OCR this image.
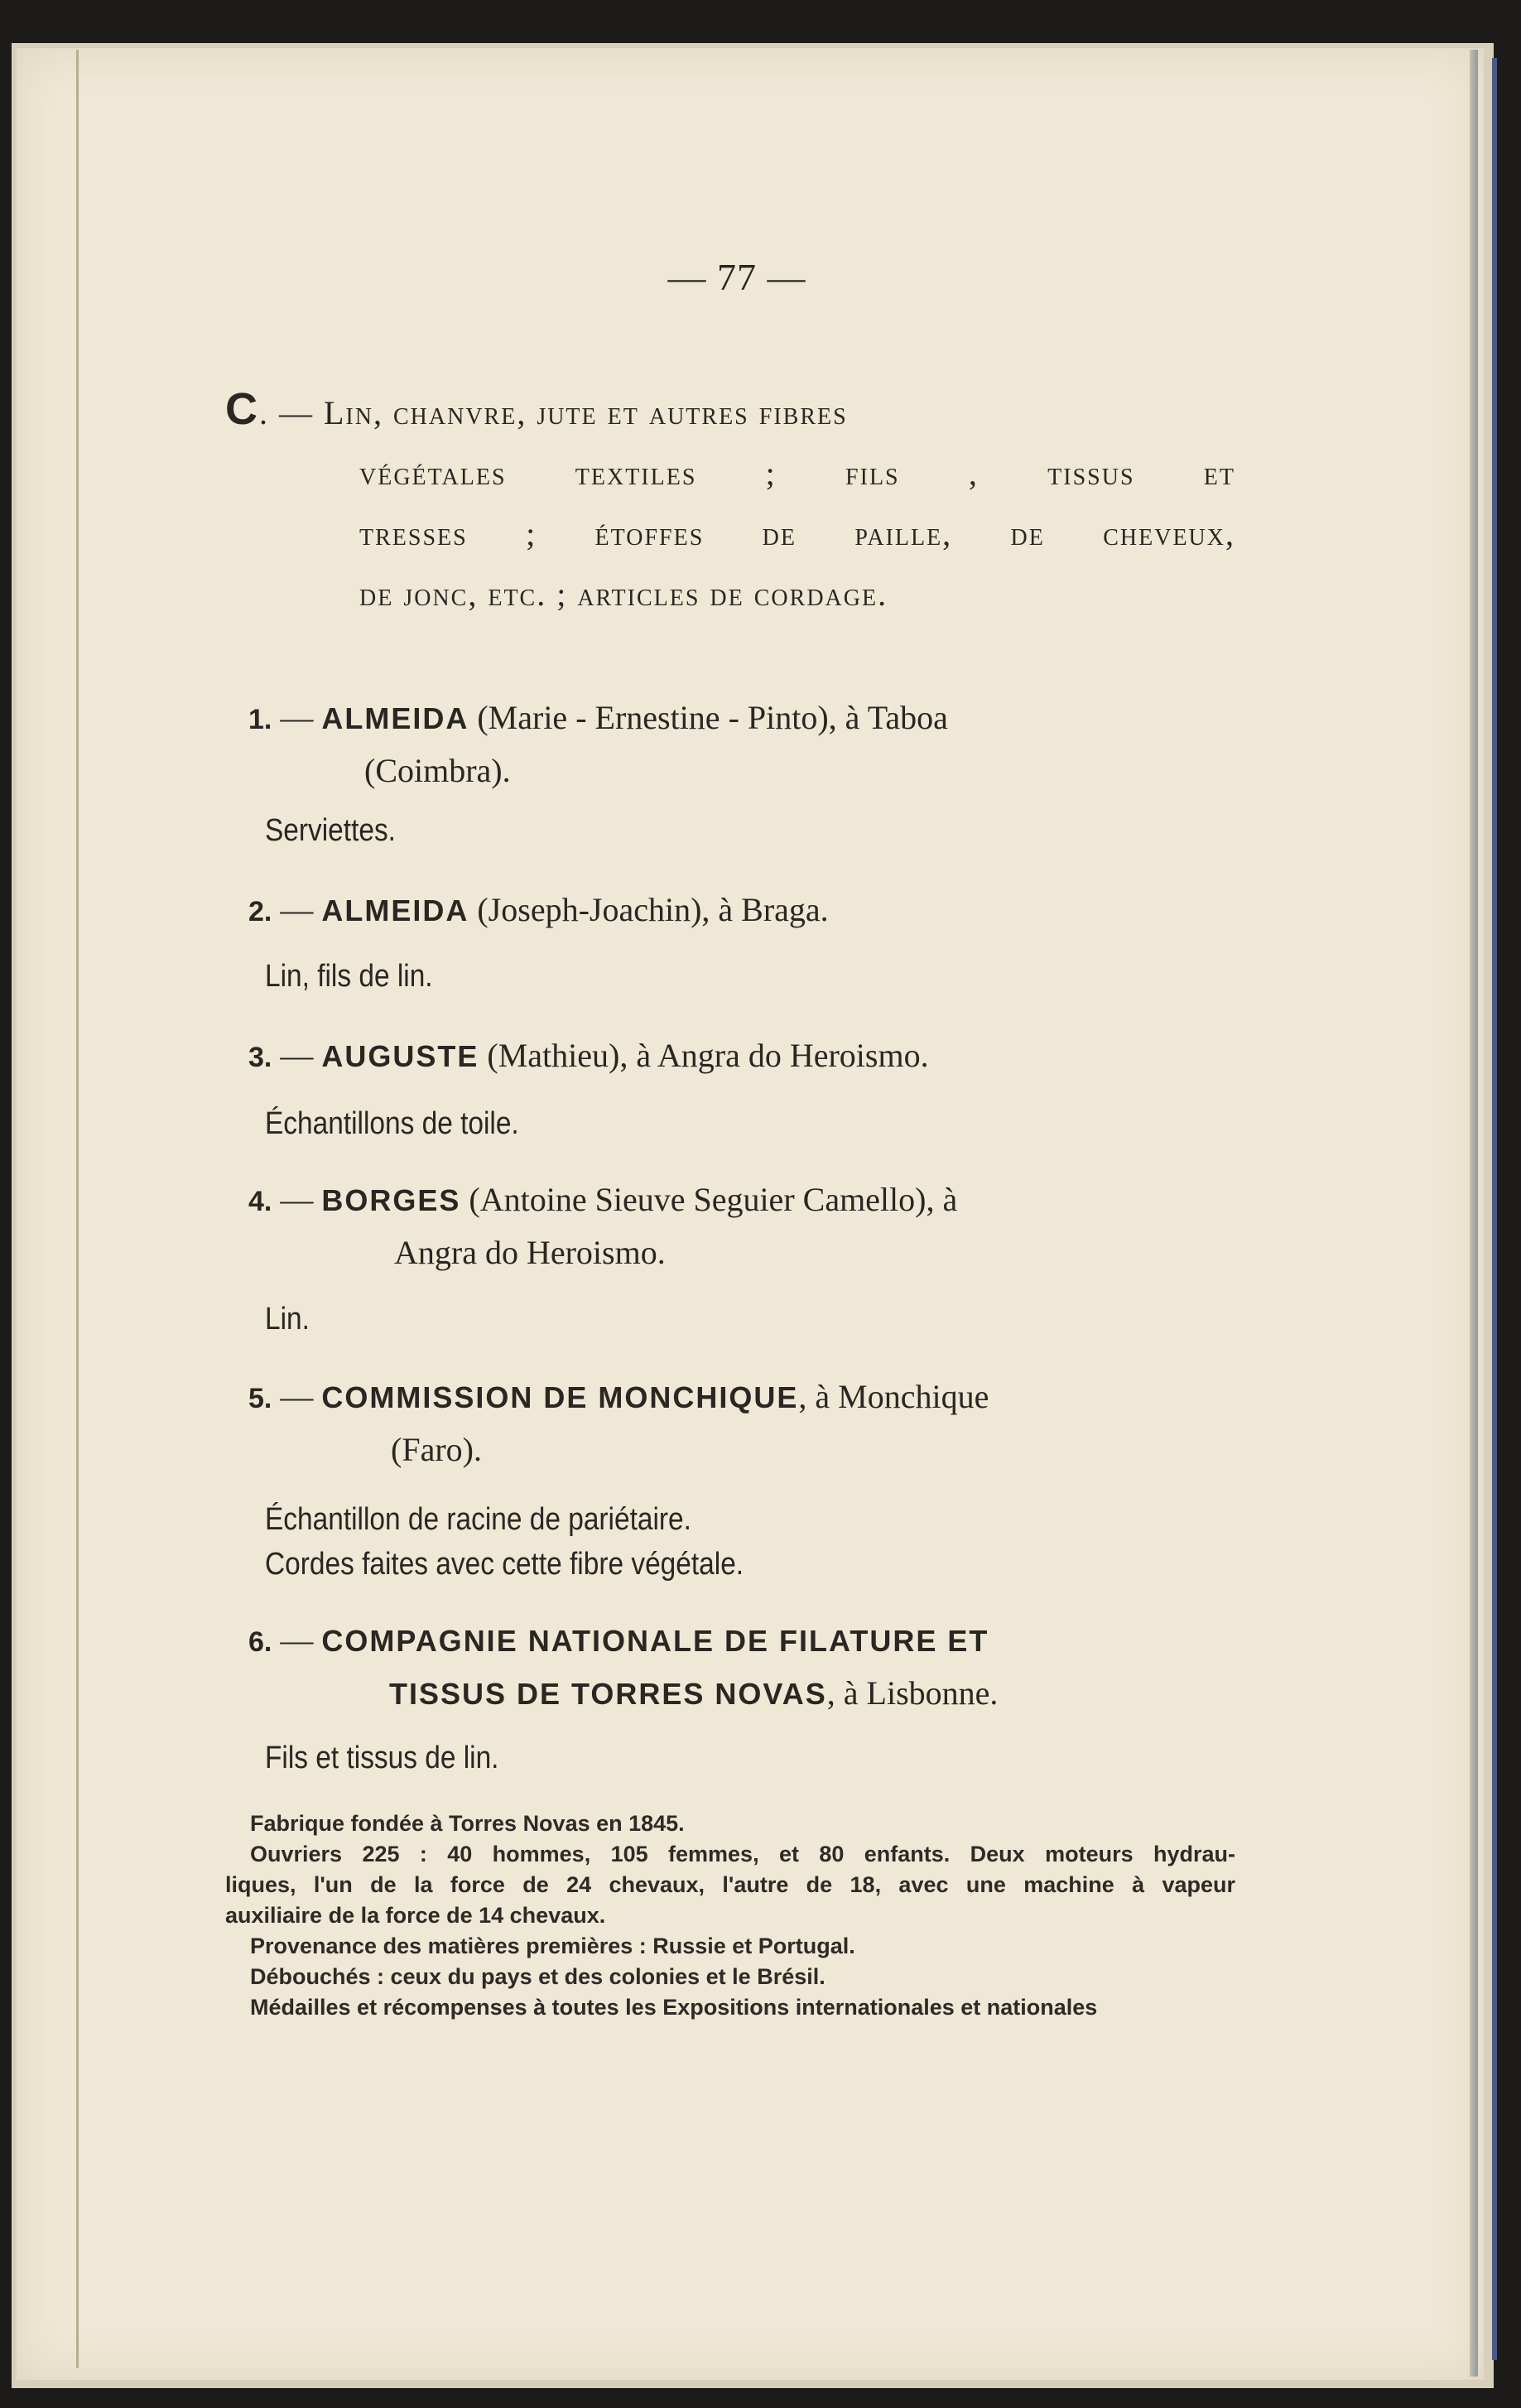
— 77 —
C. — Lin, chanvre, jute et autres fibres
végétales textiles ; fils , tissus et
tresses ; étoffes de paille, de cheveux,
de jonc, etc. ; articles de cordage.
1. — ALMEIDA (Marie - Ernestine - Pinto), à Taboa
(Coimbra).
Serviettes.
2. — ALMEIDA (Joseph-Joachin), à Braga.
Lin, fils de lin.
3. — AUGUSTE (Mathieu), à Angra do Heroismo.
Échantillons de toile.
4. — BORGES (Antoine Sieuve Seguier Camello), à
Angra do Heroismo.
Lin.
5. — COMMISSION DE MONCHIQUE, à Monchique
(Faro).
Échantillon de racine de pariétaire.
Cordes faites avec cette fibre végétale.
6. — COMPAGNIE NATIONALE DE FILATURE ET
TISSUS DE TORRES NOVAS, à Lisbonne.
Fils et tissus de lin.
Fabrique fondée à Torres Novas en 1845.
Ouvriers 225 : 40 hommes, 105 femmes, et 80 enfants. Deux moteurs hydrau-
liques, l'un de la force de 24 chevaux, l'autre de 18, avec une machine à vapeur
auxiliaire de la force de 14 chevaux.
Provenance des matières premières : Russie et Portugal.
Débouchés : ceux du pays et des colonies et le Brésil.
Médailles et récompenses à toutes les Expositions internationales et nationales
